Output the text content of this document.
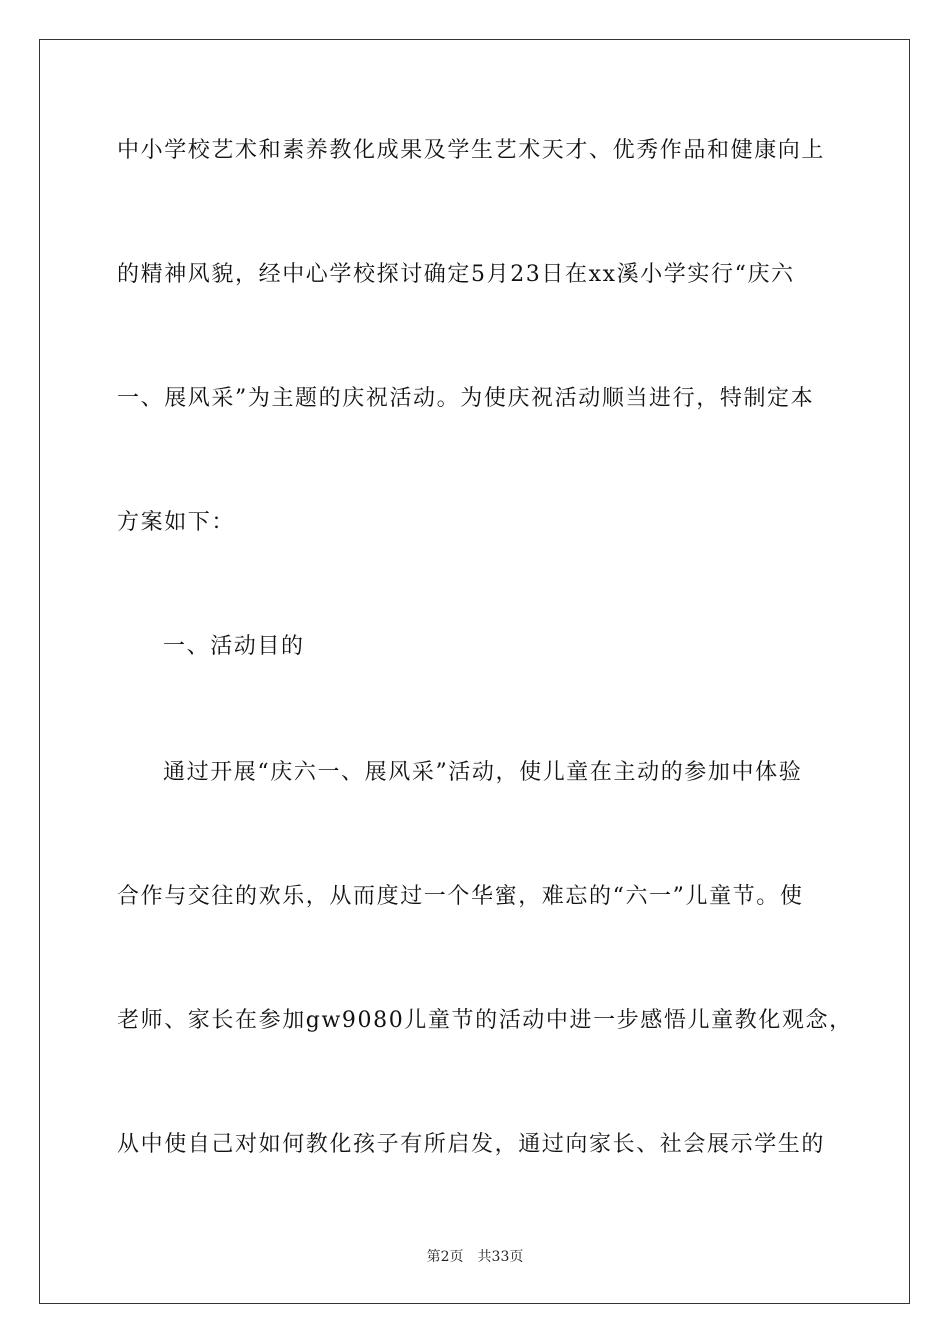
中小学校艺术和素养教化成果及学生艺术天才、优秀作品和健康向上
的精神风貌，经中心学校探讨确定5月23日在xx溪小学实行“庆六
一、展风采”为主题的庆祝活动。为使庆祝活动顺当进行，特制定本
方案如下：
一、活动目的
通过开展“庆六一、展风采”活动，使儿童在主动的参加中体验
合作与交往的欢乐，从而度过一个华蜜，难忘的“六一”儿童节。使
老师、家长在参加gw9080儿童节的活动中进一步感悟儿童教化观念，
从中使自己对如何教化孩子有所启发，通过向家长、社会展示学生的
第2页 共33页
